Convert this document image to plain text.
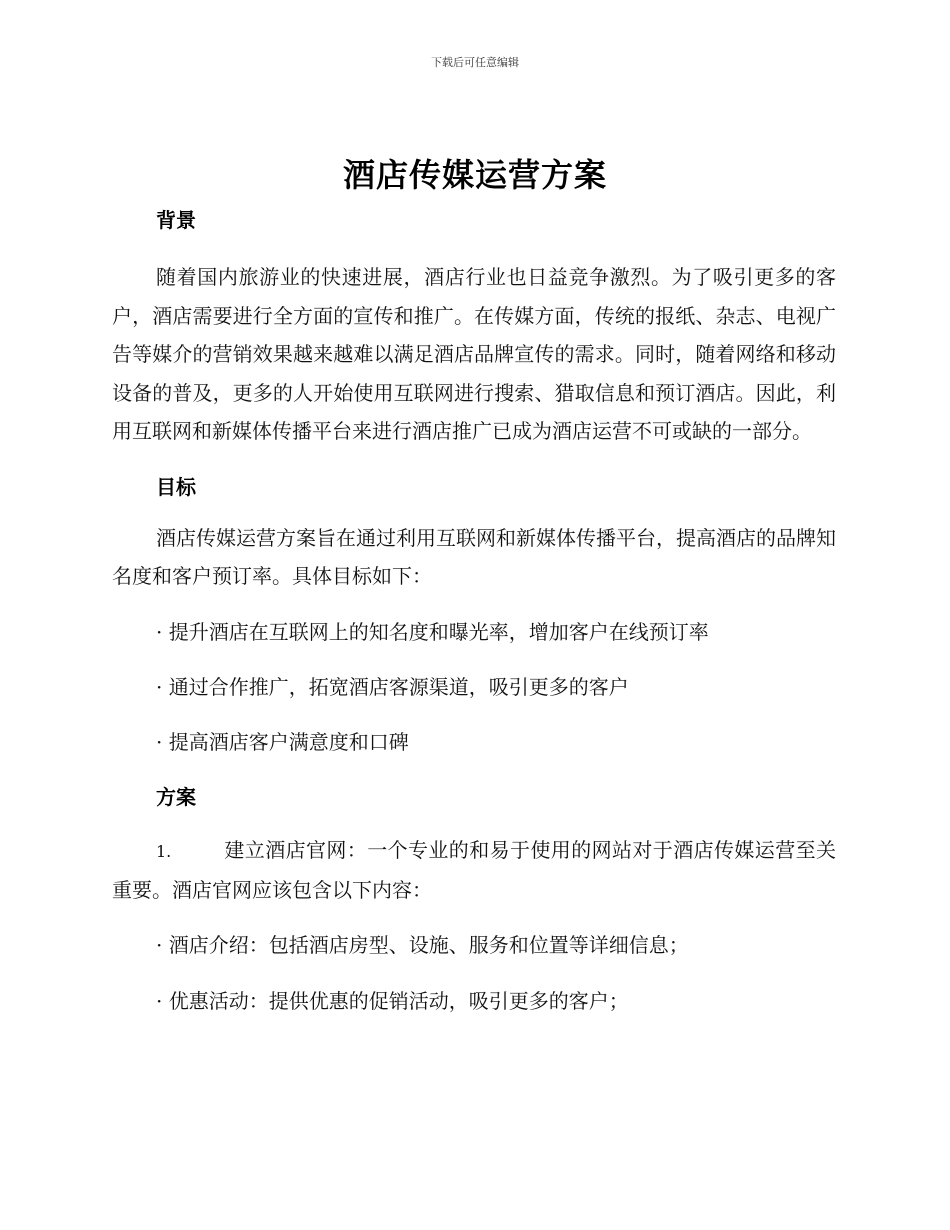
下载后可任意编辑
酒店传媒运营方案
背景

随着国内旅游业的快速进展，酒店行业也日益竞争激烈。为了吸引更多的客户，酒店需要进行全方面的宣传和推广。在传媒方面，传统的报纸、杂志、电视广告等媒介的营销效果越来越难以满足酒店品牌宣传的需求。同时，随着网络和移动设备的普及，更多的人开始使用互联网进行搜索、猎取信息和预订酒店。因此，利用互联网和新媒体传播平台来进行酒店推广已成为酒店运营不可或缺的一部分。

目标

酒店传媒运营方案旨在通过利用互联网和新媒体传播平台，提高酒店的品牌知名度和客户预订率。具体目标如下：

· 提升酒店在互联网上的知名度和曝光率，增加客户在线预订率
· 通过合作推广，拓宽酒店客源渠道，吸引更多的客户
· 提高酒店客户满意度和口碑
方案

1.	建立酒店官网：一个专业的和易于使用的网站对于酒店传媒运营至关重要。酒店官网应该包含以下内容：

· 酒店介绍：包括酒店房型、设施、服务和位置等详细信息；
· 优惠活动：提供优惠的促销活动，吸引更多的客户；
